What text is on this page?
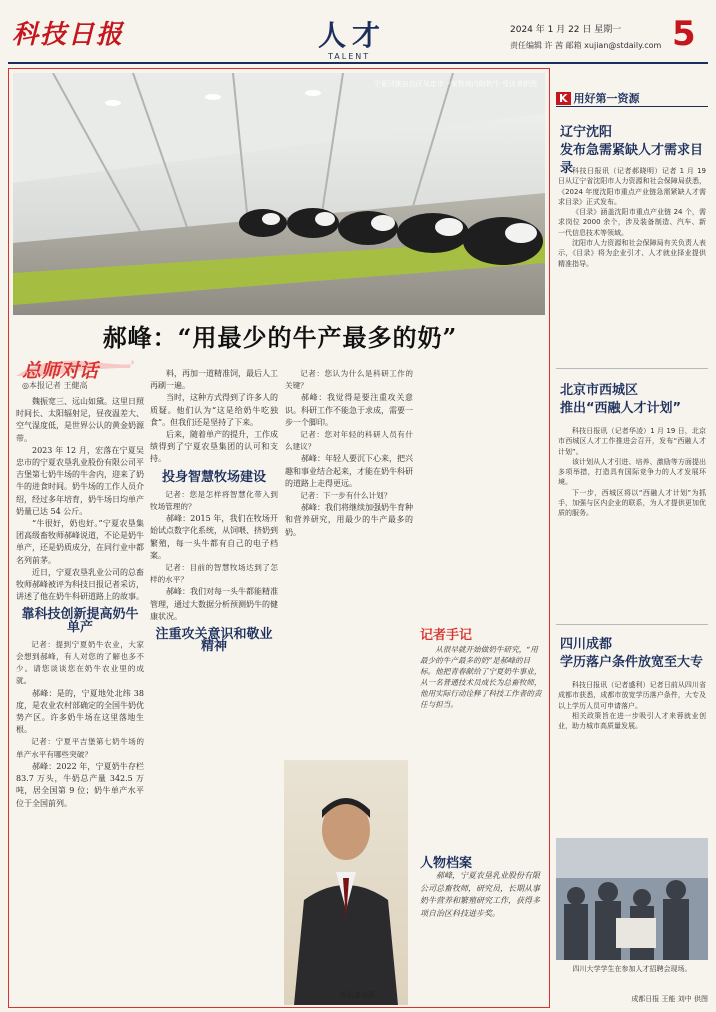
科技日报	人才
TALENT
2024 年 1 月 22 日 星期一
责任编辑 许 茜 邮箱 xujian@stdaily.com 5
宁夏回族自治区吴忠市一家牧场内的奶牛 受访者供图
郝峰：“用最少的牛产最多的奶”
总师对话
◎本报记者 王健高

魏振宽三、远山如黛。这里日照时间长、太阳辐射足，昼夜温差大、空气湿度低，是世界公认的黄金奶源带。

2023 年 12 月，宏落在宁夏吴忠市的宁夏农垦乳业股份有限公司平吉堡第七奶牛场的牛舍内，迎来了奶牛的进食时间。奶牛场的工作人员介绍，经过多年培育，奶牛场日均单产奶量已达 54 公斤。

“牛很好，奶也好。”宁夏农垦集团高级畜牧师郝峰说道，不论是奶牛单产，还是奶质成分，在同行业中都名列前茅。

近日，宁夏农垦乳业公司的总畜牧师郝峰被评为科技日报记者采访，讲述了他在奶牛科研道路上的故事。

靠科技创新提高奶牛单产

记者：提到宁夏奶牛农业，大家会想到郝峰，有人对您的了解也多不少。请您谈谈您在奶牛农业里的成就。

郝峰：是的，宁夏地处北纬 38 度，是农业农村部确定的全国牛奶优势产区。许多奶牛场在这里落地生根。

记者：宁夏平吉堡第七奶牛场的单产水平有哪些突破？

郝峰：2022 年，宁夏奶牛存栏 83.7 万头，牛奶总产量 342.5 万吨，居全国第 9 位；奶牛单产水平位于全国前列。

料，再加一道精准饲，最后人工再刷一遍。

当时，这种方式得到了许多人的质疑。他们认为“这是给奶牛吃独食”。但我们还是坚持了下来。

后来，随着单产的提升，工作成绩得到了宁夏农垦集团的认可和支持。

投身智慧牧场建设

记者：您是怎样将智慧化带入到牧场管理的？

郝峰：2015 年，我们在牧场开始试点数字化系统，从饲喂、挤奶到繁殖，每一头牛都有自己的电子档案。

记者：目前的智慧牧场达到了怎样的水平？

郝峰：我们对每一头牛都能精准管理，通过大数据分析预测奶牛的健康状况。

注重攻关意识和敬业精神

记者：您认为什么是科研工作的关键？

郝峰：我觉得是要注重攻关意识。科研工作不能急于求成，需要一步一个脚印。

记者：您对年轻的科研人员有什么建议？

郝峰：年轻人要沉下心来，把兴趣和事业结合起来，才能在奶牛科研的道路上走得更远。

记者：下一步有什么计划？

郝峰：我们将继续加强奶牛育种和营养研究，用最少的牛产最多的奶。

记者手记

从很早就开始做奶牛研究，“用最少的牛产最多的奶”是郝峰的目标。他把青春献给了宁夏奶牛事业，从一名普通技术员成长为总畜牧师，他用实际行动诠释了科技工作者的责任与担当。

受访者供图
人物档案

郝峰，宁夏农垦乳业股份有限公司总畜牧师，研究员，长期从事奶牛营养和繁殖研究工作，获得多项自治区科技进步奖。

K 用好第一资源
辽宁沈阳
发布急需紧缺人才需求目录

科技日报讯（记者郝晓明）记者 1 月 19 日从辽宁省沈阳市人力资源和社会保障局获悉，《2024 年度沈阳市重点产业链急需紧缺人才需求目录》正式发布。

《目录》涵盖沈阳市重点产业链 24 个，需求岗位 2000 余个，涉及装备制造、汽车、新一代信息技术等领域。

沈阳市人力资源和社会保障局有关负责人表示，《目录》将为企业引才、人才就业择业提供精准指导。

北京市西城区
推出“西融人才计划”

科技日报讯（记者华凌）1 月 19 日，北京市西城区人才工作推进会召开，发布“西融人才计划”。

该计划从人才引进、培养、激励等方面提出多项举措，打造具有国际竞争力的人才发展环境。

下一步，西城区将以“西融人才计划”为抓手，加强与区内企业的联系，为人才提供更加优质的服务。

四川成都
学历落户条件放宽至大专

科技日报讯（记者盛利）记者日前从四川省成都市获悉，成都市放宽学历落户条件，大专及以上学历人员可申请落户。

相关政策旨在进一步吸引人才来蓉就业创业，助力城市高质量发展。

四川大学学生在参加人才招聘会现场。
成都日报 王能 刘中 供图
